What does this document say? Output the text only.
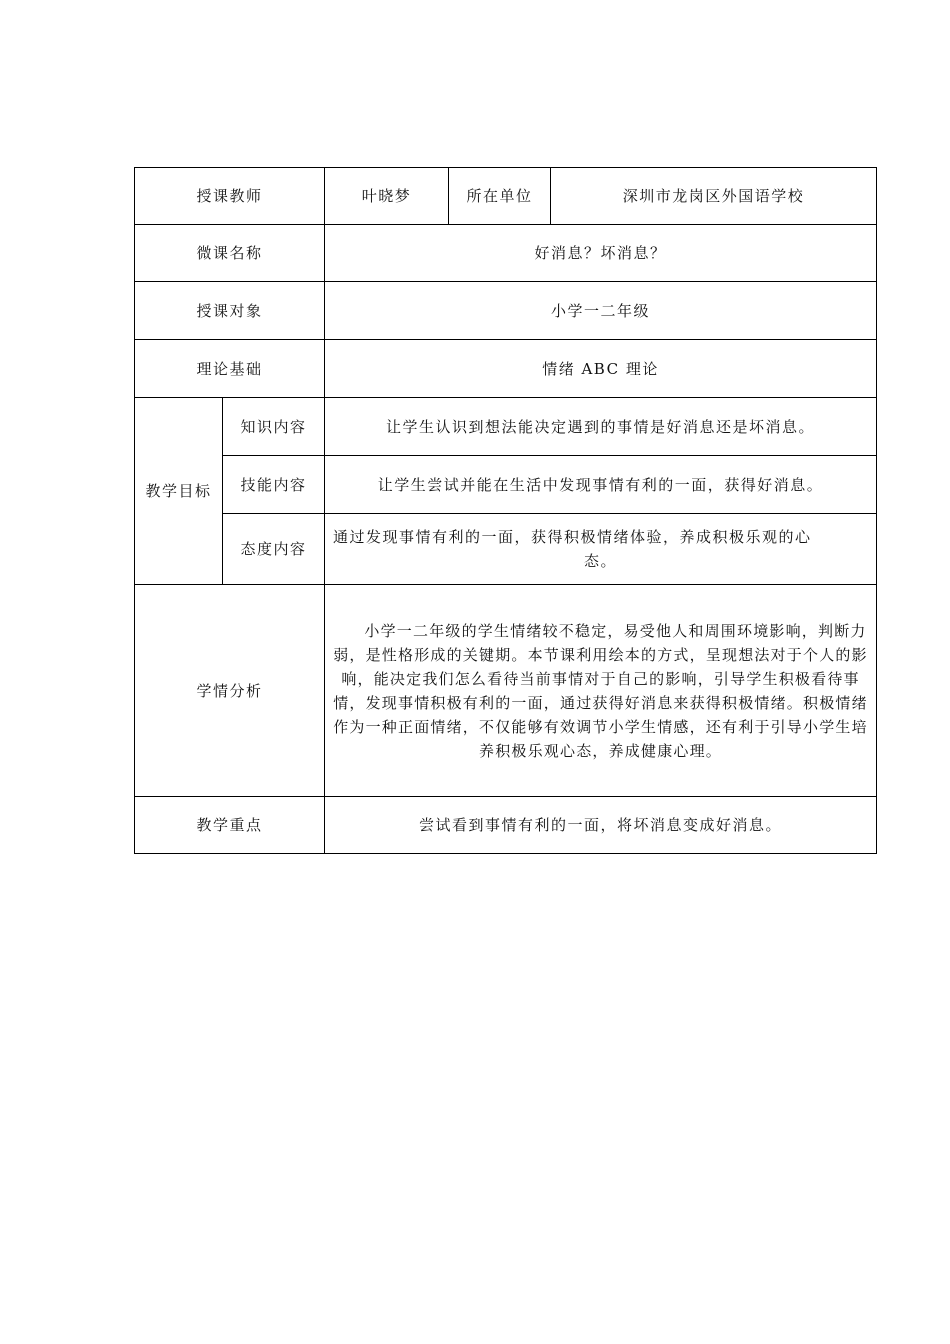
授课教师		叶晓梦	所在单位	深圳市龙岗区外国语学校
微课名称		好消息？坏消息？		
授课对象		小学一二年级		
理论基础		情绪 ABC 理论		
教学目标	知识内容	让学生认识到想法能决定遇到的事情是好消息还是坏消息。		
	技能内容	让学生尝试并能在生活中发现事情有利的一面，获得好消息。		
	态度内容	通过发现事情有利的一面，获得积极情绪体验，养成积极乐观的心
态。		

学情分析		小学一二年级的学生情绪较不稳定，易受他人和周围环境影响，判断力弱，是性格形成的关键期。本节课利用绘本的方式，呈现想法对于个人的影响，能决定我们怎么看待当前事情对于自己的影响，引导学生积极看待事情，发现事情积极有利的一面，通过获得好消息来获得积极情绪。积极情绪作为一种正面情绪，不仅能够有效调节小学生情感，还有利于引导小学生培养积极乐观心态，养成健康心理。		

教学重点		尝试看到事情有利的一面，将坏消息变成好消息。		
